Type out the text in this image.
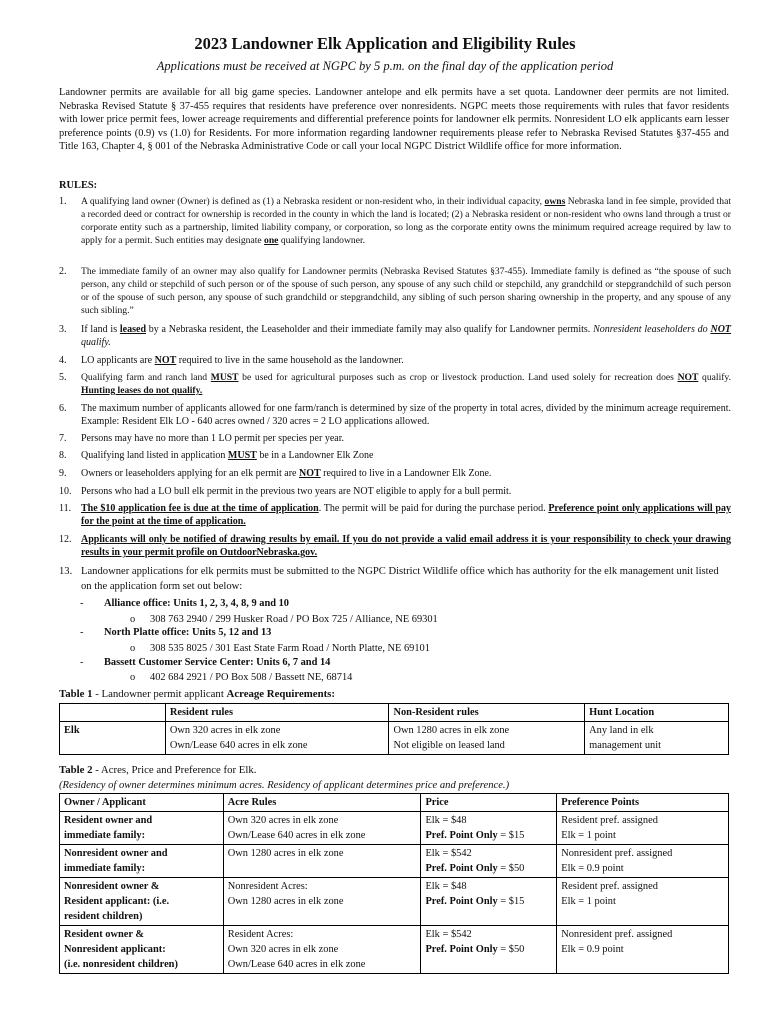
2023 Landowner Elk Application and Eligibility Rules
Applications must be received at NGPC by 5 p.m. on the final day of the application period

Landowner permits are available for all big game species. Landowner antelope and elk permits have a set quota. Landowner deer permits are not limited. Nebraska Revised Statute § 37-455 requires that residents have preference over nonresidents. NGPC meets those requirements with rules that favor residents with lower price permit fees, lower acreage requirements and differential preference points for landowner elk permits. Nonresident LO elk applicants earn lesser preference points (0.9) vs (1.0) for Residents. For more information regarding landowner requirements please refer to Nebraska Revised Statutes §37-455 and Title 163, Chapter 4, § 001 of the Nebraska Administrative Code or call your local NGPC District Wildlife office for more information.

RULES:
1.	A qualifying land owner (Owner) is defined as (1) a Nebraska resident or non-resident who, in their individual capacity, owns Nebraska land in fee simple, provided that a recorded deed or contract for ownership is recorded in the county in which the land is located; (2) a Nebraska resident or non-resident who owns land through a trust or corporate entity such as a partnership, limited liability company, or corporation, so long as the corporate entity owns the minimum required acreage required by law to apply for a permit. Such entities may designate one qualifying landowner.
2.	The immediate family of an owner may also qualify for Landowner permits (Nebraska Revised Statutes §37-455). Immediate family is defined as “the spouse of such person, any child or stepchild of such person or of the spouse of such person, any spouse of any such child or stepchild, any grandchild or stepgrandchild of such person or of the spouse of such person, any spouse of such grandchild or stepgrandchild, any sibling of such person sharing ownership in the property, and any spouse of any such sibling.”
3.	If land is leased by a Nebraska resident, the Leaseholder and their immediate family may also qualify for Landowner permits. Nonresident leaseholders do NOT qualify.
4.	LO applicants are NOT required to live in the same household as the landowner.
5.	Qualifying farm and ranch land MUST be used for agricultural purposes such as crop or livestock production. Land used solely for recreation does NOT qualify. Hunting leases do not qualify.
6.	The maximum number of applicants allowed for one farm/ranch is determined by size of the property in total acres, divided by the minimum acreage requirement. Example: Resident Elk LO - 640 acres owned / 320 acres = 2 LO applications allowed.
7.	Persons may have no more than 1 LO permit per species per year.
8.	Qualifying land listed in application MUST be in a Landowner Elk Zone
9.	Owners or leaseholders applying for an elk permit are NOT required to live in a Landowner Elk Zone.
10. Persons who had a LO bull elk permit in the previous two years are NOT eligible to apply for a bull permit.
11. The $10 application fee is due at the time of application. The permit will be paid for during the purchase period. Preference point only applications will pay for the point at the time of application.
12. Applicants will only be notified of drawing results by email. If you do not provide a valid email address it is your responsibility to check your drawing results in your permit profile on OutdoorNebraska.gov.
13. Landowner applications for elk permits must be submitted to the NGPC District Wildlife office which has authority for the elk management unit listed on the application form set out below:
- Alliance office: Units 1, 2, 3, 4, 8, 9 and 10
o 308 763 2940 / 299 Husker Road / PO Box 725 / Alliance, NE 69301
- North Platte office: Units 5, 12 and 13
o 308 535 8025 / 301 East State Farm Road / North Platte, NE 69101
- Bassett Customer Service Center: Units 6, 7 and 14
o 402 684 2921 / PO Box 508 / Bassett NE, 68714
Table 1 - Landowner permit applicant Acreage Requirements:
	Resident rules	Non-Resident rules	Hunt Location
Elk	Own 320 acres in elk zone
Own/Lease 640 acres in elk zone	Own 1280 acres in elk zone
Not eligible on leased land	Any land in elk
management unit
Table 2 - Acres, Price and Preference for Elk.
(Residency of owner determines minimum acres. Residency of applicant determines price and preference.)
Owner / Applicant	Acre Rules	Price	Preference Points

Resident owner and
immediate family:	Own 320 acres in elk zone
Own/Lease 640 acres in elk zone	Elk = $48
Pref. Point Only = $15	Resident pref. assigned
Elk = 1 point

Nonresident owner and
immediate family:	Own 1280 acres in elk zone	Elk = $542
Pref. Point Only = $50	Nonresident pref. assigned
Elk = 0.9 point

Nonresident owner &
Resident applicant: (i.e.
resident children)	Nonresident Acres:
Own 1280 acres in elk zone	Elk = $48
Pref. Point Only = $15	Resident pref. assigned
Elk = 1 point

Resident owner &
Nonresident applicant:
(i.e. nonresident children)	Resident Acres:
Own 320 acres in elk zone
Own/Lease 640 acres in elk zone	Elk = $542
Pref. Point Only = $50	Nonresident pref. assigned
Elk = 0.9 point
